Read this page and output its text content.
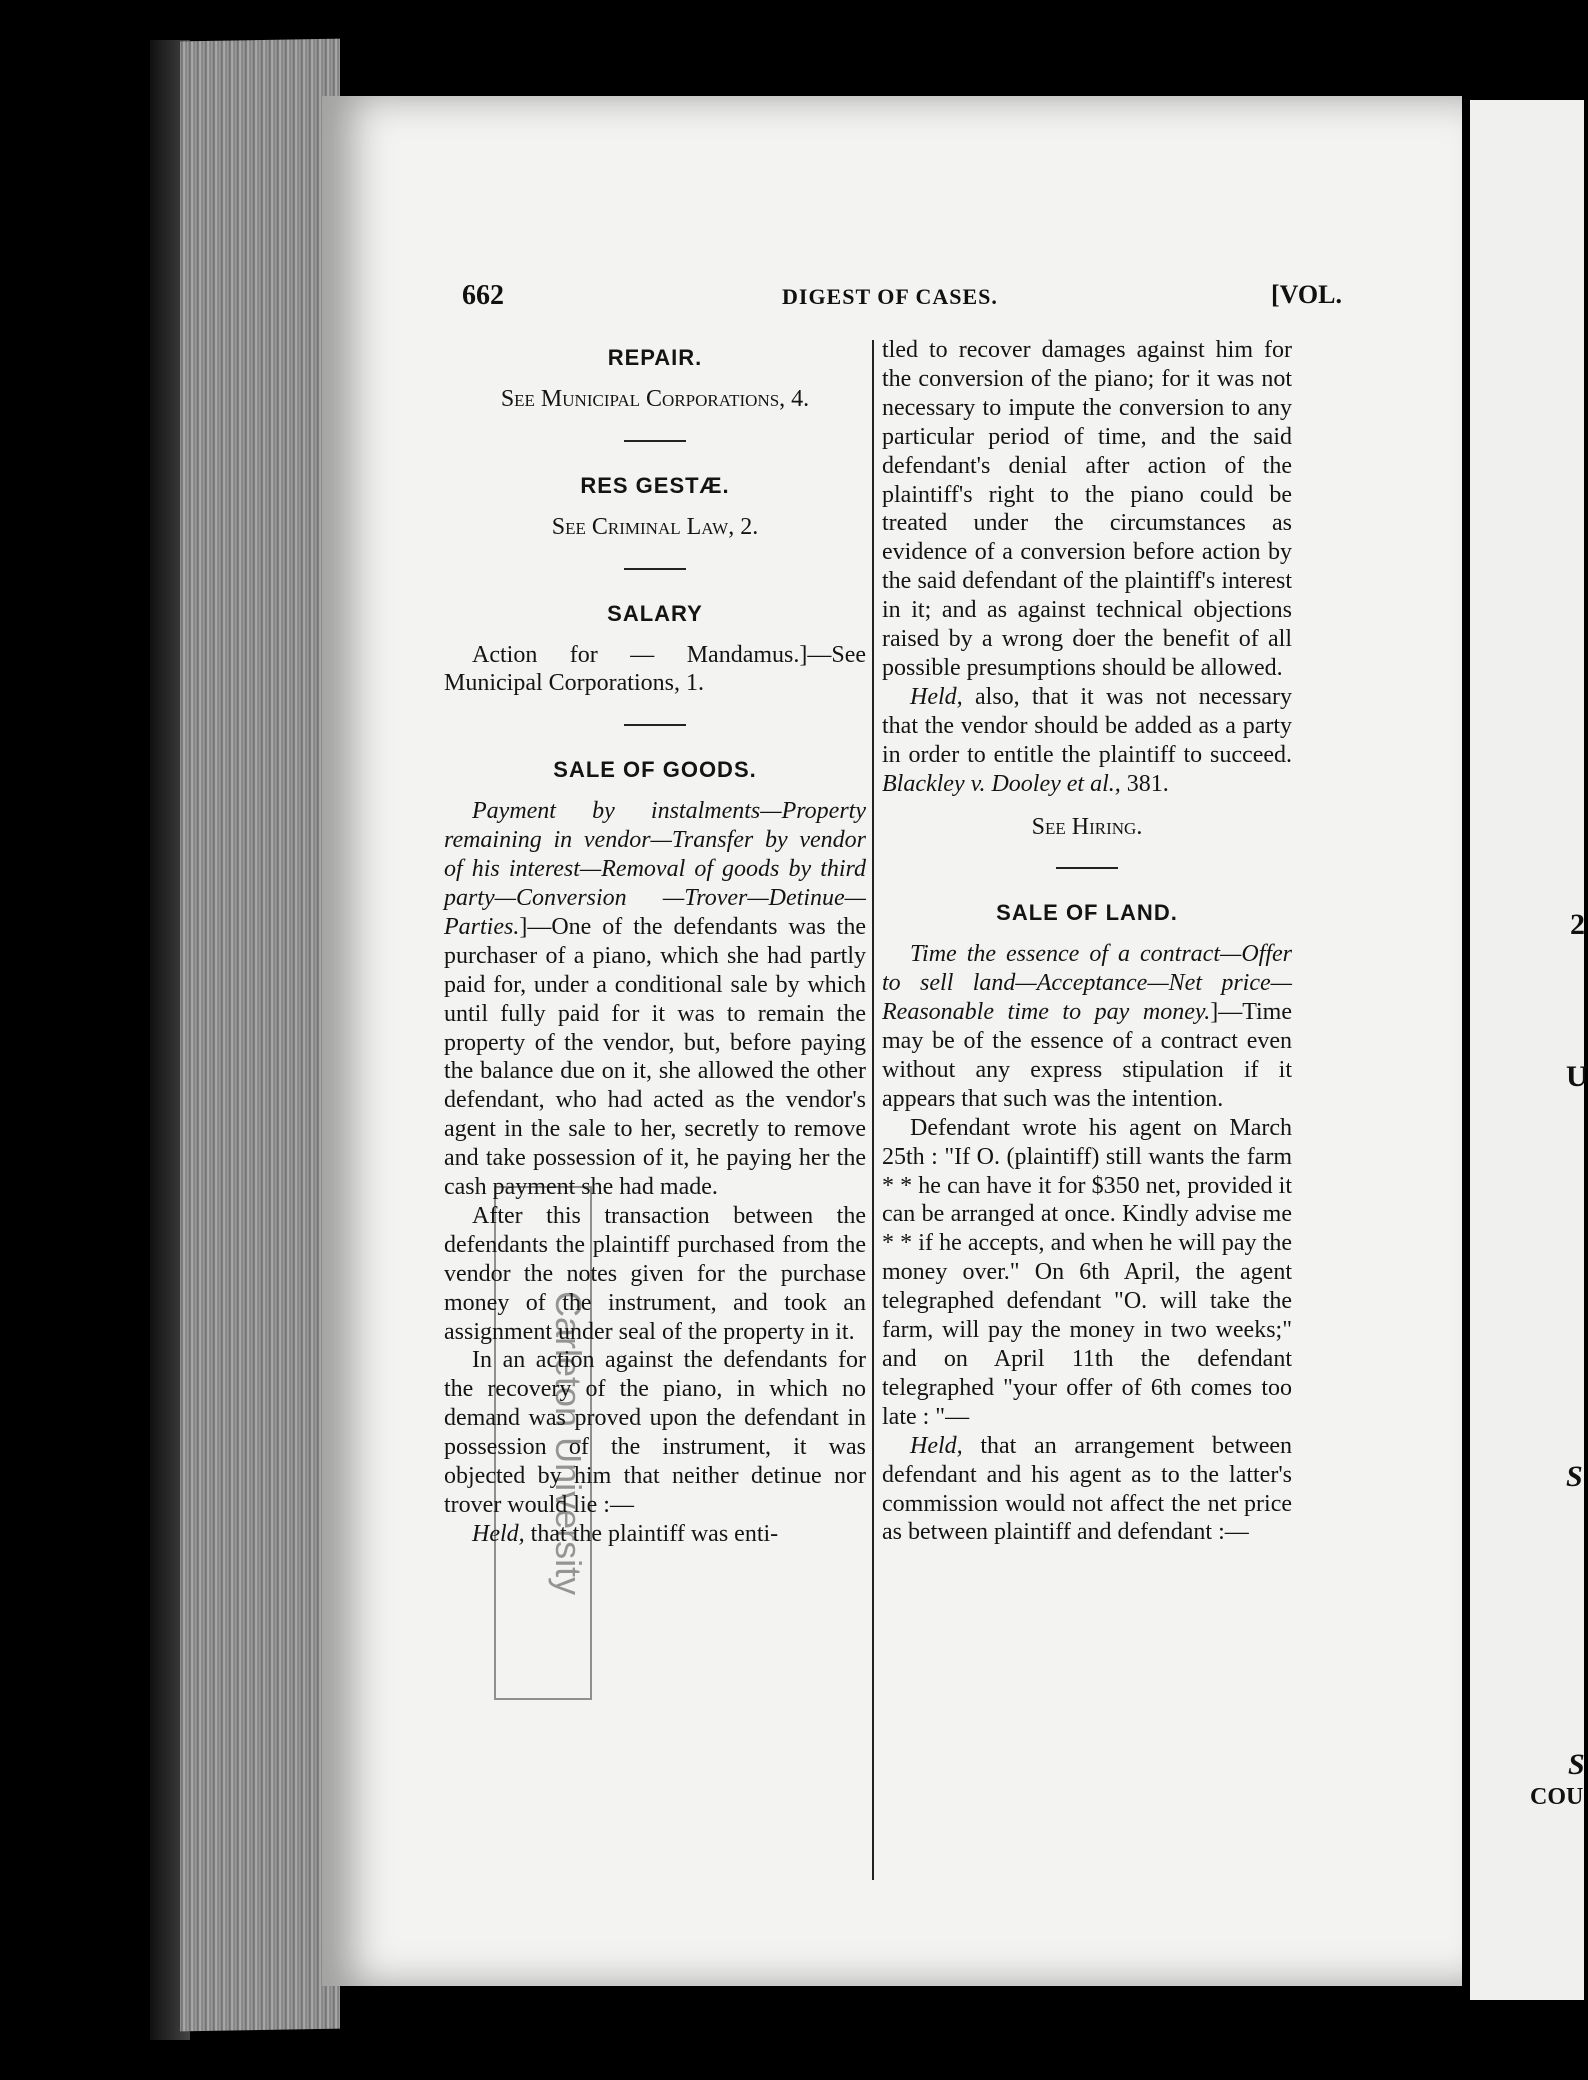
662	DIGEST OF CASES.	[VOL.
Carleton University
REPAIR.

See Municipal Corporations, 4.

RES GESTÆ.

See Criminal Law, 2.

SALARY

Action for — Mandamus.]—See Municipal Corporations, 1.

SALE OF GOODS.

Payment by instalments—Property remaining in vendor—Transfer by vendor of his interest—Removal of goods by third party—Conversion —Trover—Detinue—Parties.]—One of the defendants was the purchaser of a piano, which she had partly paid for, under a conditional sale by which until fully paid for it was to remain the property of the vendor, but, before paying the balance due on it, she allowed the other defendant, who had acted as the vendor's agent in the sale to her, secretly to remove and take possession of it, he paying her the cash payment she had made.

After this transaction between the defendants the plaintiff purchased from the vendor the notes given for the purchase money of the instrument, and took an assignment under seal of the property in it.

In an action against the defendants for the recovery of the piano, in which no demand was proved upon the defendant in possession of the instrument, it was objected by him that neither detinue nor trover would lie :—

Held, that the plaintiff was enti-

tled to recover damages against him for the conversion of the piano; for it was not necessary to impute the conversion to any particular period of time, and the said defendant's denial after action of the plaintiff's right to the piano could be treated under the circumstances as evidence of a conversion before action by the said defendant of the plaintiff's interest in it; and as against technical objections raised by a wrong doer the benefit of all possible presumptions should be allowed.

Held, also, that it was not necessary that the vendor should be added as a party in order to entitle the plaintiff to succeed. Blackley v. Dooley et al., 381.

See Hiring.

SALE OF LAND.

Time the essence of a contract—Offer to sell land—Acceptance—Net price—Reasonable time to pay money.]—Time may be of the essence of a contract even without any express stipulation if it appears that such was the intention.

Defendant wrote his agent on March 25th : "If O. (plaintiff) still wants the farm * * he can have it for $350 net, provided it can be arranged at once. Kindly advise me * * if he accepts, and when he will pay the money over." On 6th April, the agent telegraphed defendant "O. will take the farm, will pay the money in two weeks;" and on April 11th the defendant telegraphed "your offer of 6th comes too late : "—

Held, that an arrangement between defendant and his agent as to the latter's commission would not affect the net price as between plaintiff and defendant :—

2
U
S
S
COU
